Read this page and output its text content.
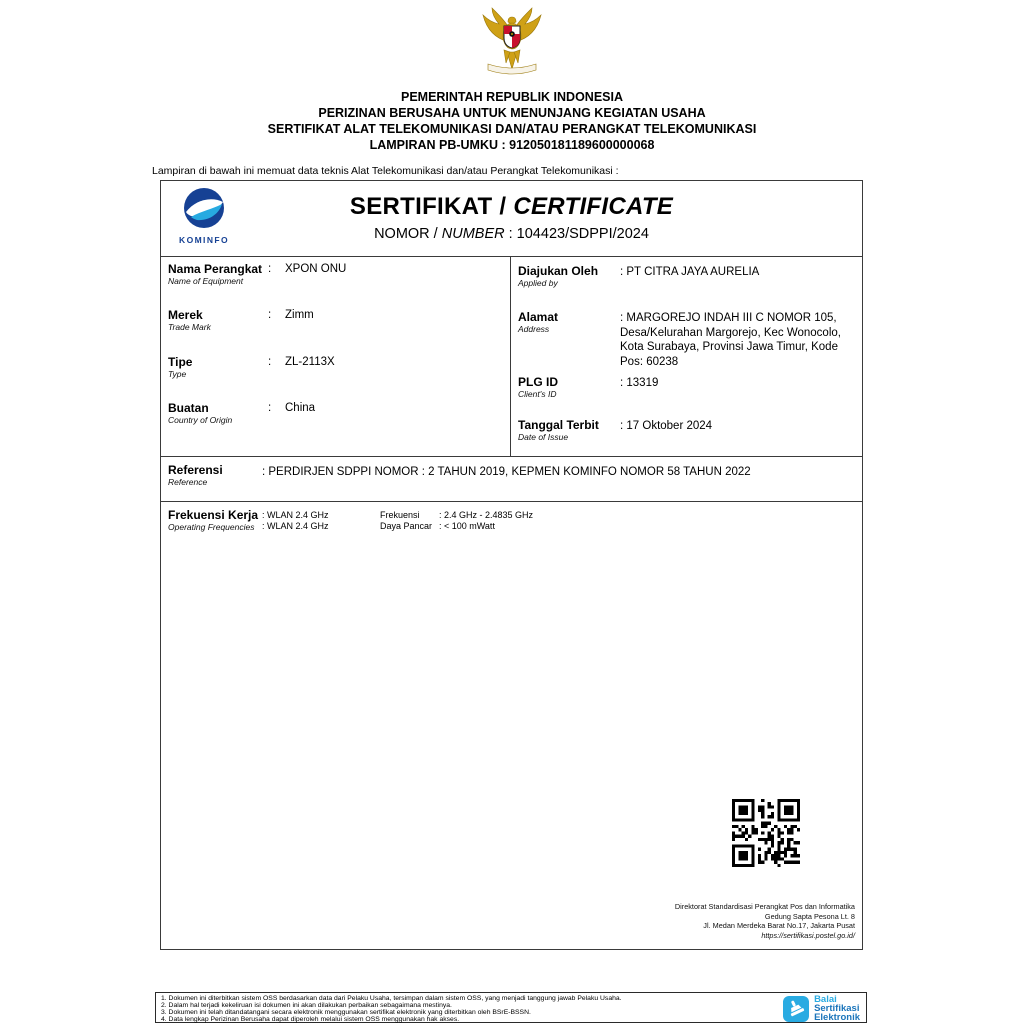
PEMERINTAH REPUBLIK INDONESIA
PERIZINAN BERUSAHA UNTUK MENUNJANG KEGIATAN USAHA
SERTIFIKAT ALAT TELEKOMUNIKASI DAN/ATAU PERANGKAT TELEKOMUNIKASI
LAMPIRAN PB-UMKU : 912050181189600000068
Lampiran di bawah ini memuat data teknis Alat Telekomunikasi dan/atau Perangkat Telekomunikasi :
KOMINFO
SERTIFIKAT / CERTIFICATE
NOMOR / NUMBER : 104423/SDPPI/2024
Nama Perangkat
Name of Equipment
: XPON ONU
Merek
Trade Mark
: Zimm
Tipe
Type
: ZL-2113X
Buatan
Country of Origin
: China
Diajukan Oleh
Applied by
: PT CITRA JAYA AURELIA
Alamat
Address
: MARGOREJO INDAH III C NOMOR 105, Desa/Kelurahan Margorejo, Kec Wonocolo, Kota Surabaya, Provinsi Jawa Timur, Kode Pos: 60238
PLG ID
Client's ID
: 13319
Tanggal Terbit
Date of Issue
: 17 Oktober 2024
Referensi
Reference
: PERDIRJEN SDPPI NOMOR : 2 TAHUN 2019, KEPMEN KOMINFO NOMOR 58 TAHUN 2022
Frekuensi Kerja
Operating Frequencies
: WLAN 2.4 GHz
: WLAN 2.4 GHz
Frekuensi : 2.4 GHz - 2.4835 GHz
Daya Pancar : < 100 mWatt
Direktorat Standardisasi Perangkat Pos dan Informatika
Gedung Sapta Pesona Lt. 8
Jl. Medan Merdeka Barat No.17, Jakarta Pusat
https://sertifikasi.postel.go.id/
1. Dokumen ini diterbitkan sistem OSS berdasarkan data dari Pelaku Usaha, tersimpan dalam sistem OSS, yang menjadi tanggung jawab Pelaku Usaha.
2. Dalam hal terjadi kekeliruan isi dokumen ini akan dilakukan perbaikan sebagaimana mestinya.
3. Dokumen ini telah ditandatangani secara elektronik menggunakan sertifikat elektronik yang diterbitkan oleh BSrE-BSSN.
4. Data lengkap Perizinan Berusaha dapat diperoleh melalui sistem OSS menggunakan hak akses.
Balai
Sertifikasi
Elektronik
